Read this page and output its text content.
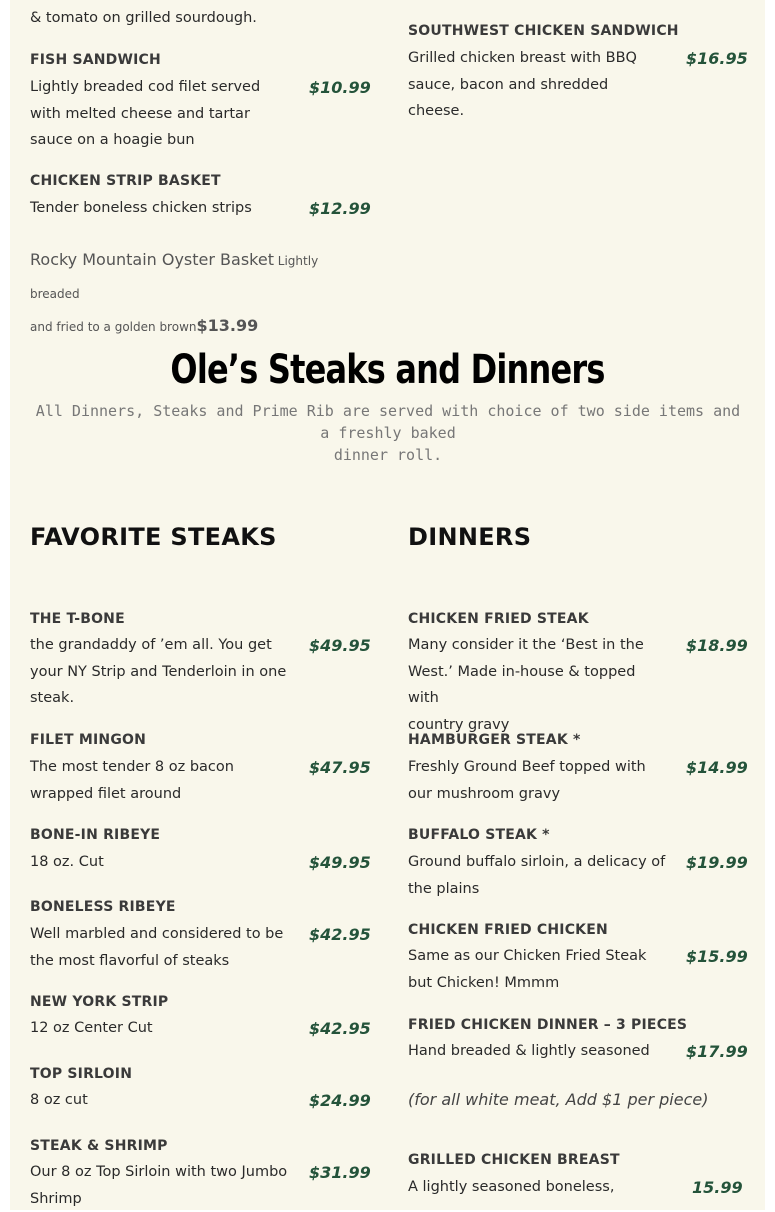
& tomato on grilled sourdough.
FISH SANDWICH
Lightly breaded cod filet served
with melted cheese and tartar
sauce on a hoagie bun
$10.99
CHICKEN STRIP BASKET
Tender boneless chicken strips	$12.99
SOUTHWEST CHICKEN SANDWICH
Grilled chicken breast with BBQ
sauce, bacon and shredded cheese.
$16.95
Rocky Mountain Oyster Basket Lightly breaded
and fried to a golden brown$13.99
Ole’s Steaks and Dinners
All Dinners, Steaks and Prime Rib are served with choice of two side items and a freshly baked
dinner roll.
FAVORITE STEAKS	DINNERS
THE T-BONE
the grandaddy of ’em all. You get
your NY Strip and Tenderloin in one
steak.
$49.95
FILET MINGON
The most tender 8 oz bacon
wrapped filet around
$47.95
BONE-IN RIBEYE
18 oz. Cut	$49.95
BONELESS RIBEYE
Well marbled and considered to be
the most flavorful of steaks
$42.95
NEW YORK STRIP
12 oz Center Cut	$42.95
TOP SIRLOIN
8 oz cut	$24.99
STEAK & SHRIMP
Our 8 oz Top Sirloin with two Jumbo
Shrimp
$31.99
CHICKEN FRIED STEAK
Many consider it the ‘Best in the
West.’ Made in-house & topped with
country gravy
$18.99
HAMBURGER STEAK *
Freshly Ground Beef topped with
our mushroom gravy
$14.99
BUFFALO STEAK *
Ground buffalo sirloin, a delicacy of
the plains
$19.99
CHICKEN FRIED CHICKEN
Same as our Chicken Fried Steak
but Chicken! Mmmm
$15.99
FRIED CHICKEN DINNER – 3 PIECES
Hand breaded & lightly seasoned $17.99
(for all white meat, Add $1 per piece)
GRILLED CHICKEN BREAST
A lightly seasoned boneless,	15.99
